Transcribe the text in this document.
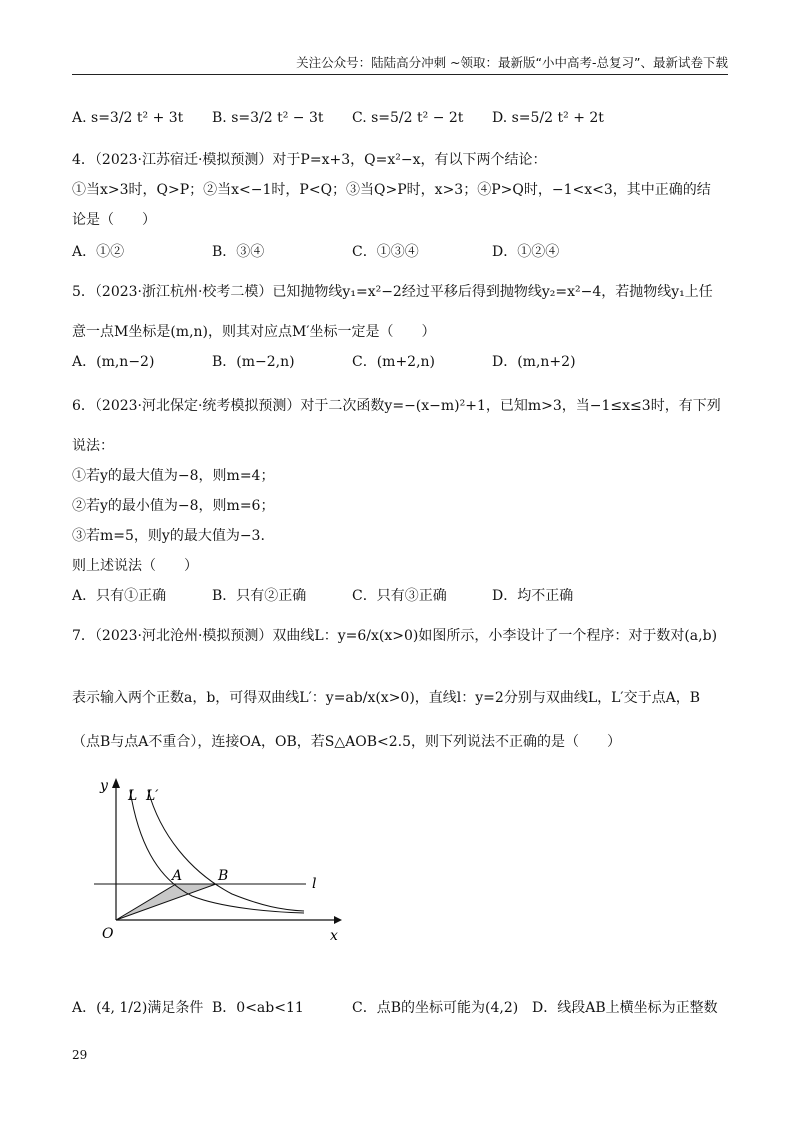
关注公众号：陆陆高分冲刺 ~领取：最新版“小中高考-总复习”、最新试卷下载
A. s=3/2 t² + 3t B. s=3/2 t² − 3t C. s=5/2 t² − 2t D. s=5/2 t² + 2t
4．（2023·江苏宿迁·模拟预测）对于P=x+3，Q=x²−x，有以下两个结论：
①当x>3时，Q>P；②当x<−1时，P<Q；③当Q>P时，x>3；④P>Q时，−1<x<3，其中正确的结
论是（　　）
A．①②	B．③④	C．①③④	D．①②④
5．（2023·浙江杭州·校考二模）已知抛物线y₁=x²−2经过平移后得到抛物线y₂=x²−4，若抛物线y₁上任
意一点M坐标是(m,n)，则其对应点M′坐标一定是（　　）
A．(m,n−2)	B．(m−2,n)	C．(m+2,n)	D．(m,n+2)
6．（2023·河北保定·统考模拟预测）对于二次函数y=−(x−m)²+1，已知m>3，当−1≤x≤3时，有下列
说法：
①若y的最大值为−8，则m=4；
②若y的最小值为−8，则m=6；
③若m=5，则y的最大值为−3.
则上述说法（　　）
A．只有①正确	B．只有②正确	C．只有③正确	D．均不正确
7．（2023·河北沧州·模拟预测）双曲线L：y=6/x(x>0)如图所示，小李设计了一个程序：对于数对(a,b)
表示输入两个正数a，b，可得双曲线L′：y=ab/x(x>0)，直线l：y=2分别与双曲线L，L′交于点A，B
（点B与点A不重合），连接OA，OB，若S△AOB<2.5，则下列说法不正确的是（　　）
y
x
O
L L′
A	B	l
A．(4, 1/2)满足条件 B．0<ab<11	C．点B的坐标可能为(4,2) D．线段AB上横坐标为正整数
29
